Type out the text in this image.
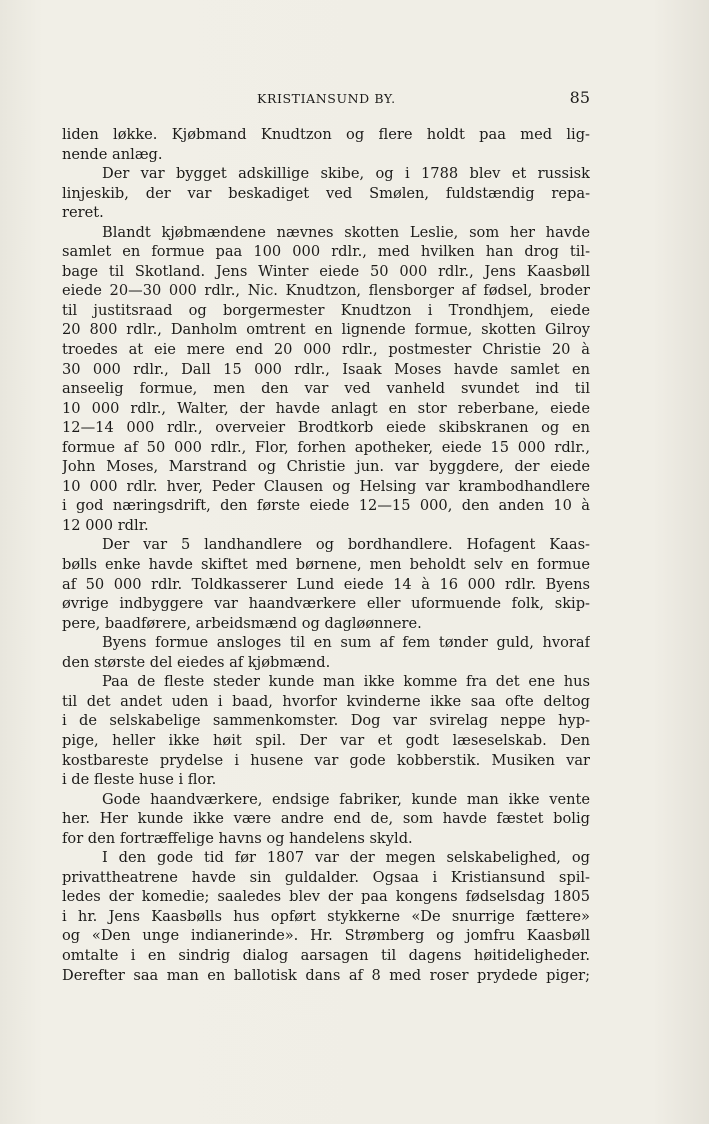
KRISTIANSUND BY.	85
liden løkke. Kjøbmand Knudtzon og flere holdt paa med lig-
nende anlæg.
Der var bygget adskillige skibe, og i 1788 blev et russisk
linjeskib, der var beskadiget ved Smølen, fuldstændig repa-
reret.
Blandt kjøbmændene nævnes skotten Leslie, som her havde
samlet en formue paa 100 000 rdlr., med hvilken han drog til-
bage til Skotland. Jens Winter eiede 50 000 rdlr., Jens Kaasbøll
eiede 20—30 000 rdlr., Nic. Knudtzon, flensborger af fødsel, broder
til justitsraad og borgermester Knudtzon i Trondhjem, eiede
20 800 rdlr., Danholm omtrent en lignende formue, skotten Gilroy
troedes at eie mere end 20 000 rdlr., postmester Christie 20 à
30 000 rdlr., Dall 15 000 rdlr., Isaak Moses havde samlet en
anseelig formue, men den var ved vanheld svundet ind til
10 000 rdlr., Walter, der havde anlagt en stor reberbane, eiede
12—14 000 rdlr., overveier Brodtkorb eiede skibskranen og en
formue af 50 000 rdlr., Flor, forhen apotheker, eiede 15 000 rdlr.,
John Moses, Marstrand og Christie jun. var byggdere, der eiede
10 000 rdlr. hver, Peder Clausen og Helsing var krambodhandlere
i god næringsdrift, den første eiede 12—15 000, den anden 10 à
12 000 rdlr.
Der var 5 landhandlere og bordhandlere. Hofagent Kaas-
bølls enke havde skiftet med børnene, men beholdt selv en formue
af 50 000 rdlr. Toldkasserer Lund eiede 14 à 16 000 rdlr. Byens
øvrige indbyggere var haandværkere eller uformuende folk, skip-
pere, baadførere, arbeidsmænd og dagløønnere.
Byens formue ansloges til en sum af fem tønder guld, hvoraf
den største del eiedes af kjøbmænd.
Paa de fleste steder kunde man ikke komme fra det ene hus
til det andet uden i baad, hvorfor kvinderne ikke saa ofte deltog
i de selskabelige sammenkomster. Dog var svirelag neppe hyp-
pige, heller ikke høit spil. Der var et godt læseselskab. Den
kostbareste prydelse i husene var gode kobberstik. Musiken var
i de fleste huse i flor.
Gode haandværkere, endsige fabriker, kunde man ikke vente
her. Her kunde ikke være andre end de, som havde fæstet bolig
for den fortræffelige havns og handelens skyld.
I den gode tid før 1807 var der megen selskabelighed, og
privattheatrene havde sin guldalder. Ogsaa i Kristiansund spil-
ledes der komedie; saaledes blev der paa kongens fødselsdag 1805
i hr. Jens Kaasbølls hus opført stykkerne «De snurrige fættere»
og «Den unge indianerinde». Hr. Strømberg og jomfru Kaasbøll
omtalte i en sindrig dialog aarsagen til dagens høitideligheder.
Derefter saa man en ballotisk dans af 8 med roser prydede piger;
